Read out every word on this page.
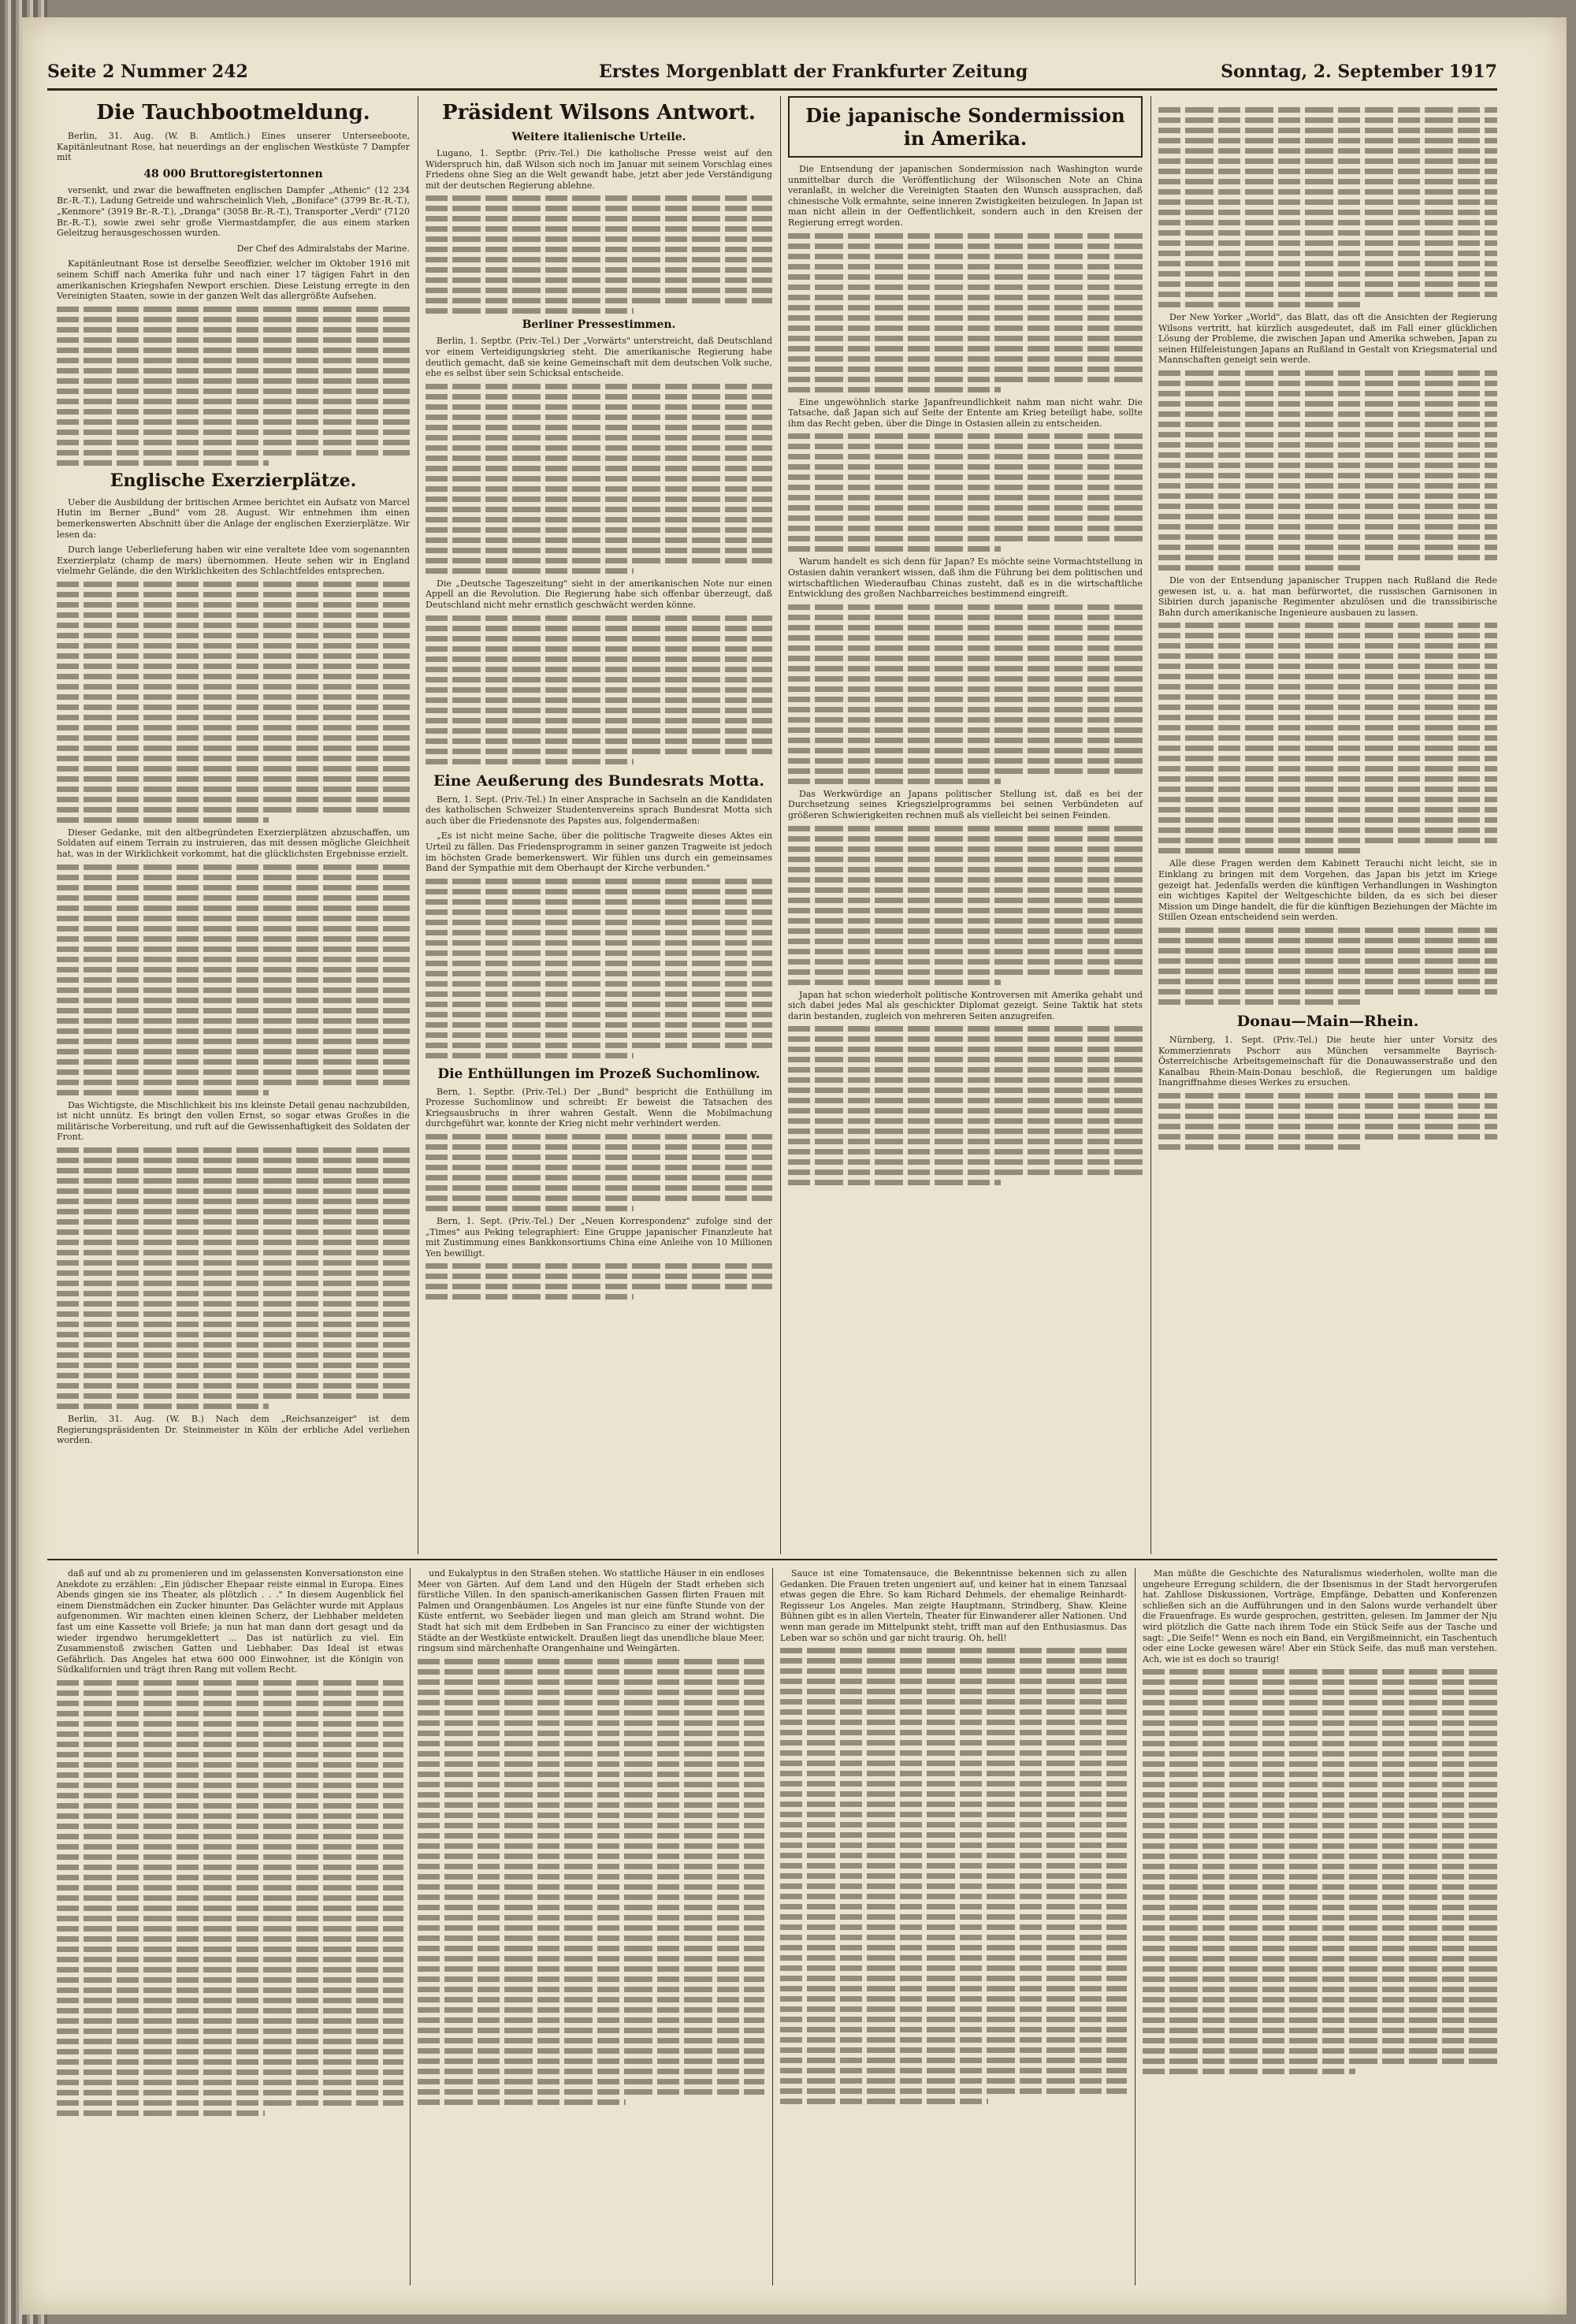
Seite 2 Nummer 242	Erstes Morgenblatt der Frankfurter Zeitung	Sonntag, 2. September 1917
Die Tauchbootmeldung.

Berlin, 31. Aug. (W. B. Amtlich.) Eines unserer Unterseeboote, Kapitänleutnant Rose, hat neuerdings an der englischen Westküste 7 Dampfer mit

48 000 Bruttoregistertonnen

versenkt, und zwar die bewaffneten englischen Dampfer „Athenic" (12 234 Br.-R.-T.), Ladung Getreide und wahrscheinlich Vieh, „Boniface" (3799 Br.-R.-T.), „Kenmore" (3919 Br.-R.-T.), „Dranga" (3058 Br.-R.-T.), Transporter „Verdi" (7120 Br.-R.-T.), sowie zwei sehr große Viermastdampfer, die aus einem starken Geleitzug herausgeschossen wurden.

Der Chef des Admiralstabs der Marine.

Kapitänleutnant Rose ist derselbe Seeoffizier, welcher im Oktober 1916 mit seinem Schiff nach Amerika fuhr und nach einer 17 tägigen Fahrt in den amerikanischen Kriegshafen Newport erschien. Diese Leistung erregte in den Vereinigten Staaten, sowie in der ganzen Welt das allergrößte Aufsehen.

Englische Exerzierplätze.

Ueber die Ausbildung der britischen Armee berichtet ein Aufsatz von Marcel Hutin im Berner „Bund" vom 28. August. Wir entnehmen ihm einen bemerkenswerten Abschnitt über die Anlage der englischen Exerzierplätze. Wir lesen da:

Durch lange Ueberlieferung haben wir eine veraltete Idee vom sogenannten Exerzierplatz (champ de mars) übernommen. Heute sehen wir in England vielmehr Gelände, die den Wirklichkeiten des Schlachtfeldes entsprechen.

Dieser Gedanke, mit den altbegründeten Exerzierplätzen abzuschaffen, um Soldaten auf einem Terrain zu instruieren, das mit dessen mögliche Gleichheit hat, was in der Wirklichkeit vorkommt, hat die glücklichsten Ergebnisse erzielt.

Das Wichtigste, die Mischlichkeit bis ins kleinste Detail genau nachzubilden, ist nicht unnütz. Es bringt den vollen Ernst, so sogar etwas Großes in die militärische Vorbereitung, und ruft auf die Gewissenhaftigkeit des Soldaten der Front.

Berlin, 31. Aug. (W. B.) Nach dem „Reichsanzeiger" ist dem Regierungspräsidenten Dr. Steinmeister in Köln der erbliche Adel verliehen worden.

Präsident Wilsons Antwort.
Weitere italienische Urteile.

Lugano, 1. Septbr. (Priv.-Tel.) Die katholische Presse weist auf den Widerspruch hin, daß Wilson sich noch im Januar mit seinem Vorschlag eines Friedens ohne Sieg an die Welt gewandt habe, jetzt aber jede Verständigung mit der deutschen Regierung ablehne.

Berliner Pressestimmen.

Berlin, 1. Septbr. (Priv.-Tel.) Der „Vorwärts" unterstreicht, daß Deutschland vor einem Verteidigungskrieg steht. Die amerikanische Regierung habe deutlich gemacht, daß sie keine Gemeinschaft mit dem deutschen Volk suche, ehe es selbst über sein Schicksal entscheide.

Die „Deutsche Tageszeitung" sieht in der amerikanischen Note nur einen Appell an die Revolution. Die Regierung habe sich offenbar überzeugt, daß Deutschland nicht mehr ernstlich geschwächt werden könne.

Eine Aeußerung des Bundesrats Motta.

Bern, 1. Sept. (Priv.-Tel.) In einer Ansprache in Sachseln an die Kandidaten des katholischen Schweizer Studentenvereins sprach Bundesrat Motta sich auch über die Friedensnote des Papstes aus, folgendermaßen:

„Es ist nicht meine Sache, über die politische Tragweite dieses Aktes ein Urteil zu fällen. Das Friedensprogramm in seiner ganzen Tragweite ist jedoch im höchsten Grade bemerkenswert. Wir fühlen uns durch ein gemeinsames Band der Sympathie mit dem Oberhaupt der Kirche verbunden."

Die Enthüllungen im Prozeß Suchomlinow.

Bern, 1. Septbr. (Priv.-Tel.) Der „Bund" bespricht die Enthüllung im Prozesse Suchomlinow und schreibt: Er beweist die Tatsachen des Kriegsausbruchs in ihrer wahren Gestalt. Wenn die Mobilmachung durchgeführt war, konnte der Krieg nicht mehr verhindert werden.

Bern, 1. Sept. (Priv.-Tel.) Der „Neuen Korrespondenz" zufolge sind der „Times" aus Peking telegraphiert: Eine Gruppe japanischer Finanzleute hat mit Zustimmung eines Bankkonsortiums China eine Anleihe von 10 Millionen Yen bewilligt.

Die japanische Sondermission in Amerika.

Die Entsendung der japanischen Sondermission nach Washington wurde unmittelbar durch die Veröffentlichung der Wilsonschen Note an China veranlaßt, in welcher die Vereinigten Staaten den Wunsch aussprachen, daß chinesische Volk ermahnte, seine inneren Zwistigkeiten beizulegen. In Japan ist man nicht allein in der Oeffentlichkeit, sondern auch in den Kreisen der Regierung erregt worden.

Eine ungewöhnlich starke Japanfreundlichkeit nahm man nicht wahr. Die Tatsache, daß Japan sich auf Seite der Entente am Krieg beteiligt habe, sollte ihm das Recht geben, über die Dinge in Ostasien allein zu entscheiden.

Warum handelt es sich denn für Japan? Es möchte seine Vormachtstellung in Ostasien dahin verankert wissen, daß ihm die Führung bei dem politischen und wirtschaftlichen Wiederaufbau Chinas zusteht, daß es in die wirtschaftliche Entwicklung des großen Nachbarreiches bestimmend eingreift.

Das Werkwürdige an Japans politischer Stellung ist, daß es bei der Durchsetzung seines Kriegszielprogramms bei seinen Verbündeten auf größeren Schwierigkeiten rechnen muß als vielleicht bei seinen Feinden.

Japan hat schon wiederholt politische Kontroversen mit Amerika gehabt und sich dabei jedes Mal als geschickter Diplomat gezeigt. Seine Taktik hat stets darin bestanden, zugleich von mehreren Seiten anzugreifen.

Der New Yorker „World", das Blatt, das oft die Ansichten der Regierung Wilsons vertritt, hat kürzlich ausgedeutet, daß im Fall einer glücklichen Lösung der Probleme, die zwischen Japan und Amerika schweben, Japan zu seinen Hilfeleistungen Japans an Rußland in Gestalt von Kriegsmaterial und Mannschaften geneigt sein werde.

Die von der Entsendung japanischer Truppen nach Rußland die Rede gewesen ist, u. a. hat man befürwortet, die russischen Garnisonen in Sibirien durch japanische Regimenter abzulösen und die transsibirische Bahn durch amerikanische Ingenieure ausbauen zu lassen.

Alle diese Fragen werden dem Kabinett Terauchi nicht leicht, sie in Einklang zu bringen mit dem Vorgehen, das Japan bis jetzt im Kriege gezeigt hat. Jedenfalls werden die künftigen Verhandlungen in Washington ein wichtiges Kapitel der Weltgeschichte bilden, da es sich bei dieser Mission um Dinge handelt, die für die künftigen Beziehungen der Mächte im Stillen Ozean entscheidend sein werden.

Donau—Main—Rhein.

Nürnberg, 1. Sept. (Priv.-Tel.) Die heute hier unter Vorsitz des Kommerzienrats Pschorr aus München versammelte Bayrisch-Österreichische Arbeitsgemeinschaft für die Donauwasserstraße und den Kanalbau Rhein-Main-Donau beschloß, die Regierungen um baldige Inangriffnahme dieses Werkes zu ersuchen.

daß auf und ab zu promenieren und im gelassensten Konversationston eine Anekdote zu erzählen: „Ein jüdischer Ehepaar reiste einmal in Europa. Eines Abends gingen sie ins Theater, als plötzlich . . ." In diesem Augenblick fiel einem Dienstmädchen ein Zucker hinunter. Das Gelächter wurde mit Applaus aufgenommen. Wir machten einen kleinen Scherz, der Liebhaber meldeten fast um eine Kassette voll Briefe; ja nun hat man dann dort gesagt und da wieder irgendwo herumgeklettert ... Das ist natürlich zu viel. Ein Zusammenstoß zwischen Gatten und Liebhaber. Das Ideal ist etwas Gefährlich. Das Angeles hat etwa 600 000 Einwohner, ist die Königin von Südkalifornien und trägt ihren Rang mit vollem Recht.

und Eukalyptus in den Straßen stehen. Wo stattliche Häuser in ein endloses Meer von Gärten. Auf dem Land und den Hügeln der Stadt erheben sich fürstliche Villen. In den spanisch-amerikanischen Gassen flirten Frauen mit Palmen und Orangenbäumen. Los Angeles ist nur eine fünfte Stunde von der Küste entfernt, wo Seebäder liegen und man gleich am Strand wohnt. Die Stadt hat sich mit dem Erdbeben in San Francisco zu einer der wichtigsten Städte an der Westküste entwickelt. Draußen liegt das unendliche blaue Meer, ringsum sind märchenhafte Orangenhaine und Weingärten.

Sauce ist eine Tomatensauce, die Bekenntnisse bekennen sich zu allen Gedanken. Die Frauen treten ungeniert auf, und keiner hat in einem Tanzsaal etwas gegen die Ehre. So kam Richard Dehmels, der ehemalige Reinhardt-Regisseur Los Angeles. Man zeigte Hauptmann, Strindberg, Shaw. Kleine Bühnen gibt es in allen Vierteln, Theater für Einwanderer aller Nationen. Und wenn man gerade im Mittelpunkt steht, trifft man auf den Enthusiasmus. Das Leben war so schön und gar nicht traurig. Oh, hell!

Man müßte die Geschichte des Naturalismus wiederholen, wollte man die ungeheure Erregung schildern, die der Ibsenismus in der Stadt hervorgerufen hat. Zahllose Diskussionen, Vorträge, Empfänge, Debatten und Konferenzen schließen sich an die Aufführungen und in den Salons wurde verhandelt über die Frauenfrage. Es wurde gesprochen, gestritten, gelesen. Im Jammer der Nju wird plötzlich die Gatte nach ihrem Tode ein Stück Seife aus der Tasche und sagt: „Die Seife!" Wenn es noch ein Band, ein Vergißmeinnicht, ein Taschentuch oder eine Locke gewesen wäre! Aber ein Stück Seife, das muß man verstehen. Ach, wie ist es doch so traurig!
